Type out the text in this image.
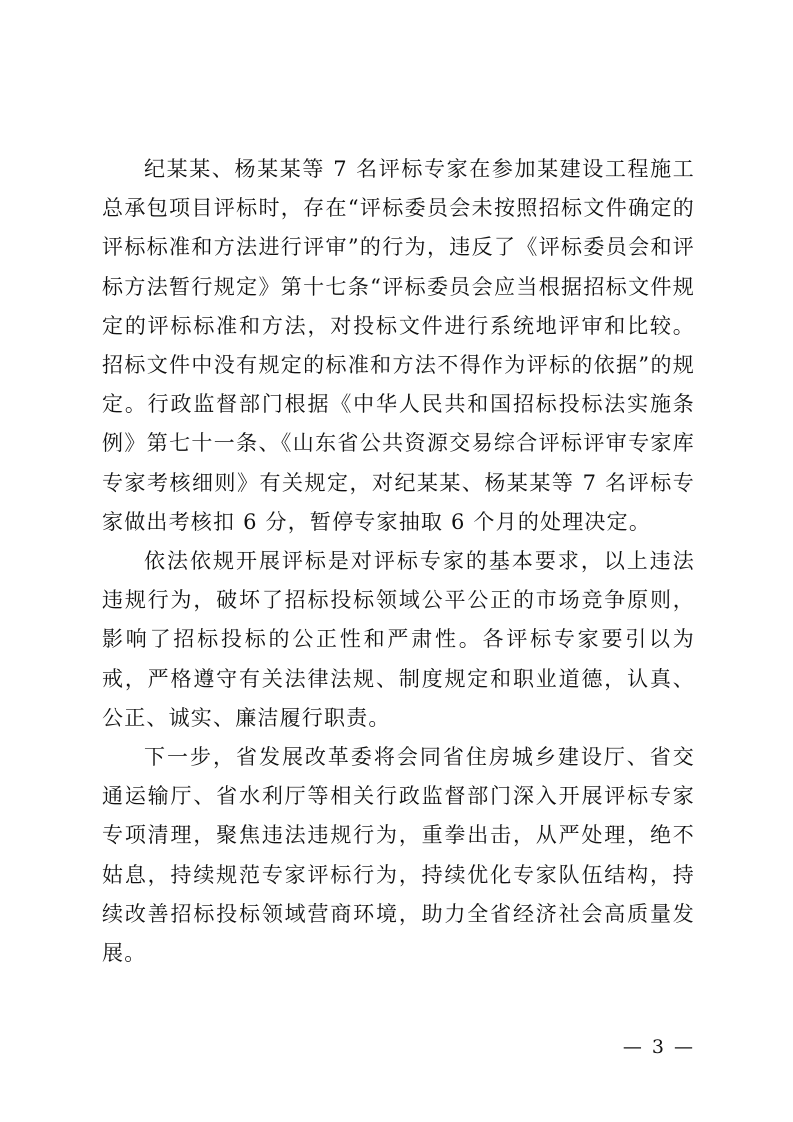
纪某某、杨某某等 7 名评标专家在参加某建设工程施工总承包项目评标时，存在“评标委员会未按照招标文件确定的评标标准和方法进行评审”的行为，违反了《评标委员会和评标方法暂行规定》第十七条“评标委员会应当根据招标文件规定的评标标准和方法，对投标文件进行系统地评审和比较。招标文件中没有规定的标准和方法不得作为评标的依据”的规定。行政监督部门根据《中华人民共和国招标投标法实施条例》第七十一条、《山东省公共资源交易综合评标评审专家库专家考核细则》有关规定，对纪某某、杨某某等 7 名评标专家做出考核扣 6 分，暂停专家抽取 6 个月的处理决定。

依法依规开展评标是对评标专家的基本要求，以上违法违规行为，破坏了招标投标领域公平公正的市场竞争原则，影响了招标投标的公正性和严肃性。各评标专家要引以为戒，严格遵守有关法律法规、制度规定和职业道德，认真、公正、诚实、廉洁履行职责。

下一步，省发展改革委将会同省住房城乡建设厅、省交通运输厅、省水利厅等相关行政监督部门深入开展评标专家专项清理，聚焦违法违规行为，重拳出击，从严处理，绝不姑息，持续规范专家评标行为，持续优化专家队伍结构，持续改善招标投标领域营商环境，助力全省经济社会高质量发展。

— 3 —
